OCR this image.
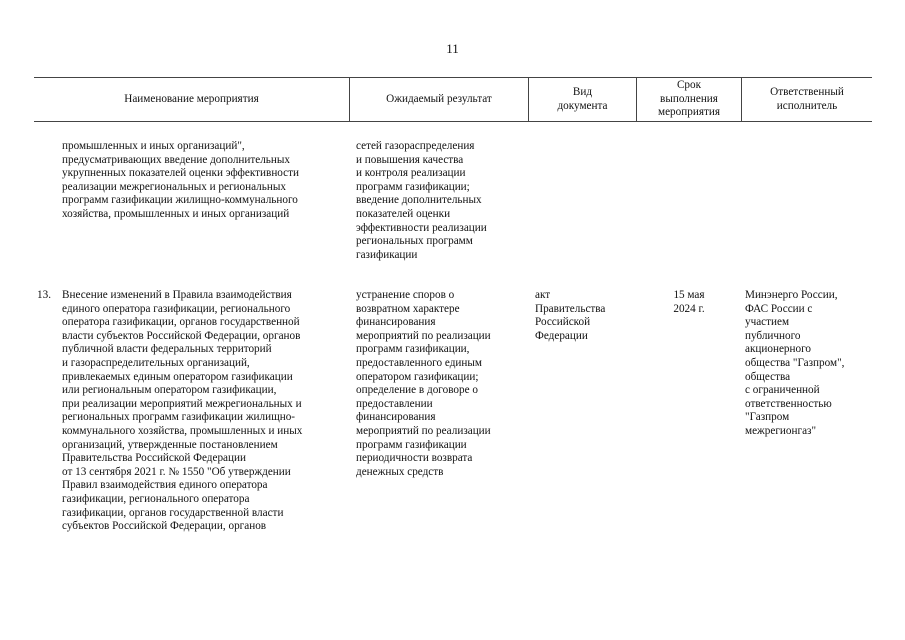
11
Наименование мероприятия	Ожидаемый результат
Вид
документа
Срок
выполнения
мероприятия
Ответственный
исполнитель
промышленных и иных организаций",
предусматривающих введение дополнительных
укрупненных показателей оценки эффективности
реализации межрегиональных и региональных
программ газификации жилищно-коммунального
хозяйства, промышленных и иных организаций
сетей газораспределения
и повышения качества
и контроля реализации
программ газификации;
введение дополнительных
показателей оценки
эффективности реализации
региональных программ
газификации
13. Внесение изменений в Правила взаимодействия
единого оператора газификации, регионального
оператора газификации, органов государственной
власти субъектов Российской Федерации, органов
публичной власти федеральных территорий
и газораспределительных организаций,
привлекаемых единым оператором газификации
или региональным оператором газификации,
при реализации мероприятий межрегиональных и
региональных программ газификации жилищно-
коммунального хозяйства, промышленных и иных
организаций, утвержденные постановлением
Правительства Российской Федерации
от 13 сентября 2021 г. № 1550 "Об утверждении
Правил взаимодействия единого оператора
газификации, регионального оператора
газификации, органов государственной власти
субъектов Российской Федерации, органов
устранение споров о
возвратном характере
финансирования
мероприятий по реализации
программ газификации,
предоставленного единым
оператором газификации;
определение в договоре о
предоставлении
финансирования
мероприятий по реализации
программ газификации
периодичности возврата
денежных средств
акт
Правительства
Российской
Федерации
15 мая
2024 г.
Минэнерго России,
ФАС России с
участием
публичного
акционерного
общества "Газпром",
общества
с ограниченной
ответственностью
"Газпром
межрегионгаз"
